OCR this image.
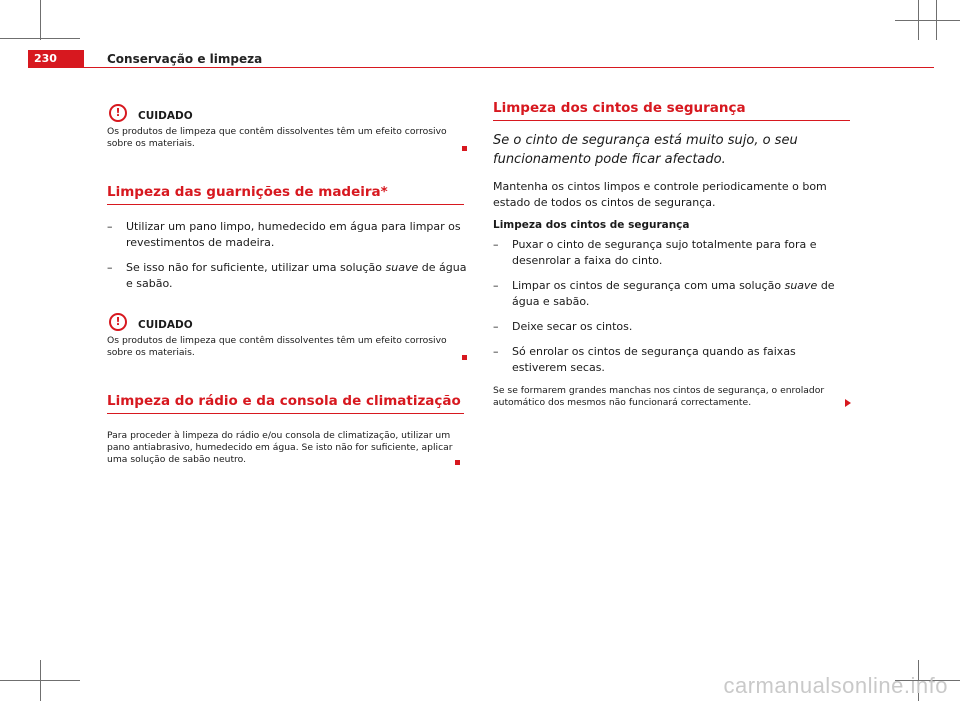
230	Conservação e limpeza
!	CUIDADO
Os produtos de limpeza que contêm dissolventes têm um efeito corrosivo sobre os materiais.
Limpeza das guarnições de madeira*
– Utilizar um pano limpo, humedecido em água para limpar os revestimentos de madeira.
– Se isso não for suficiente, utilizar uma solução suave de água e sabão.
!	CUIDADO
Os produtos de limpeza que contêm dissolventes têm um efeito corrosivo sobre os materiais.
Limpeza do rádio e da consola de climatização
Para proceder à limpeza do rádio e/ou consola de climatização, utilizar um pano antiabrasivo, humedecido em água. Se isto não for suficiente, aplicar uma solução de sabão neutro.
Limpeza dos cintos de segurança
Se o cinto de segurança está muito sujo, o seu funcionamento pode ficar afectado.
Mantenha os cintos limpos e controle periodicamente o bom estado de todos os cintos de segurança.
Limpeza dos cintos de segurança
– Puxar o cinto de segurança sujo totalmente para fora e desenrolar a faixa do cinto.
– Limpar os cintos de segurança com uma solução suave de água e sabão.
– Deixe secar os cintos.
– Só enrolar os cintos de segurança quando as faixas estiverem secas.
Se se formarem grandes manchas nos cintos de segurança, o enrolador automático dos mesmos não funcionará correctamente.
carmanualsonline.info
